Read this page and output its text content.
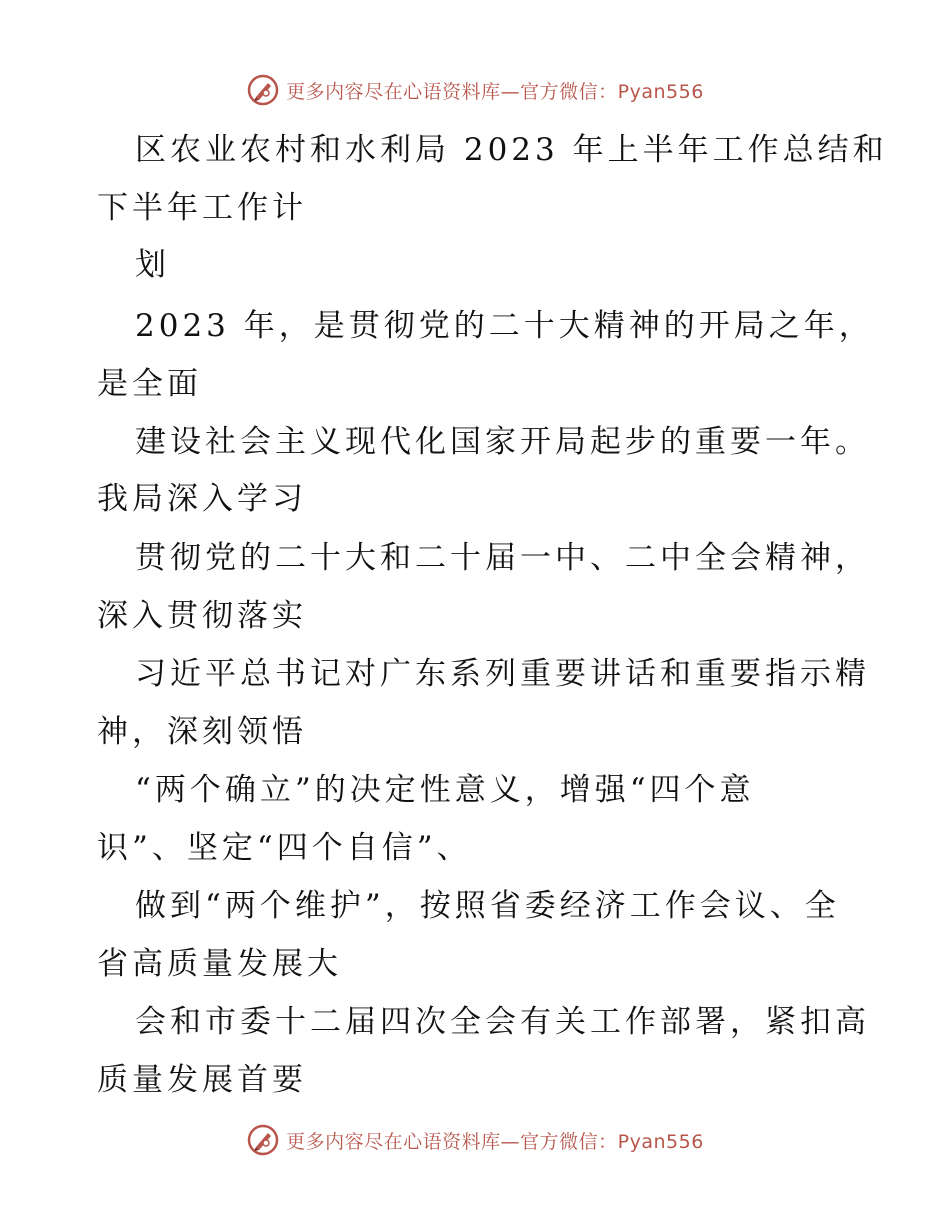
更多内容尽在心语资料库—官方微信：Pyan556
区农业农村和水利局 2023 年上半年工作总结和
下半年工作计
划
2023 年，是贯彻党的二十大精神的开局之年，
是全面
建设社会主义现代化国家开局起步的重要一年。
我局深入学习
贯彻党的二十大和二十届一中、二中全会精神，
深入贯彻落实
习近平总书记对广东系列重要讲话和重要指示精
神，深刻领悟
“两个确立”的决定性意义，增强“四个意
识”、坚定“四个自信”、
做到“两个维护”，按照省委经济工作会议、全
省高质量发展大
会和市委十二届四次全会有关工作部署，紧扣高
质量发展首要
更多内容尽在心语资料库—官方微信：Pyan556
